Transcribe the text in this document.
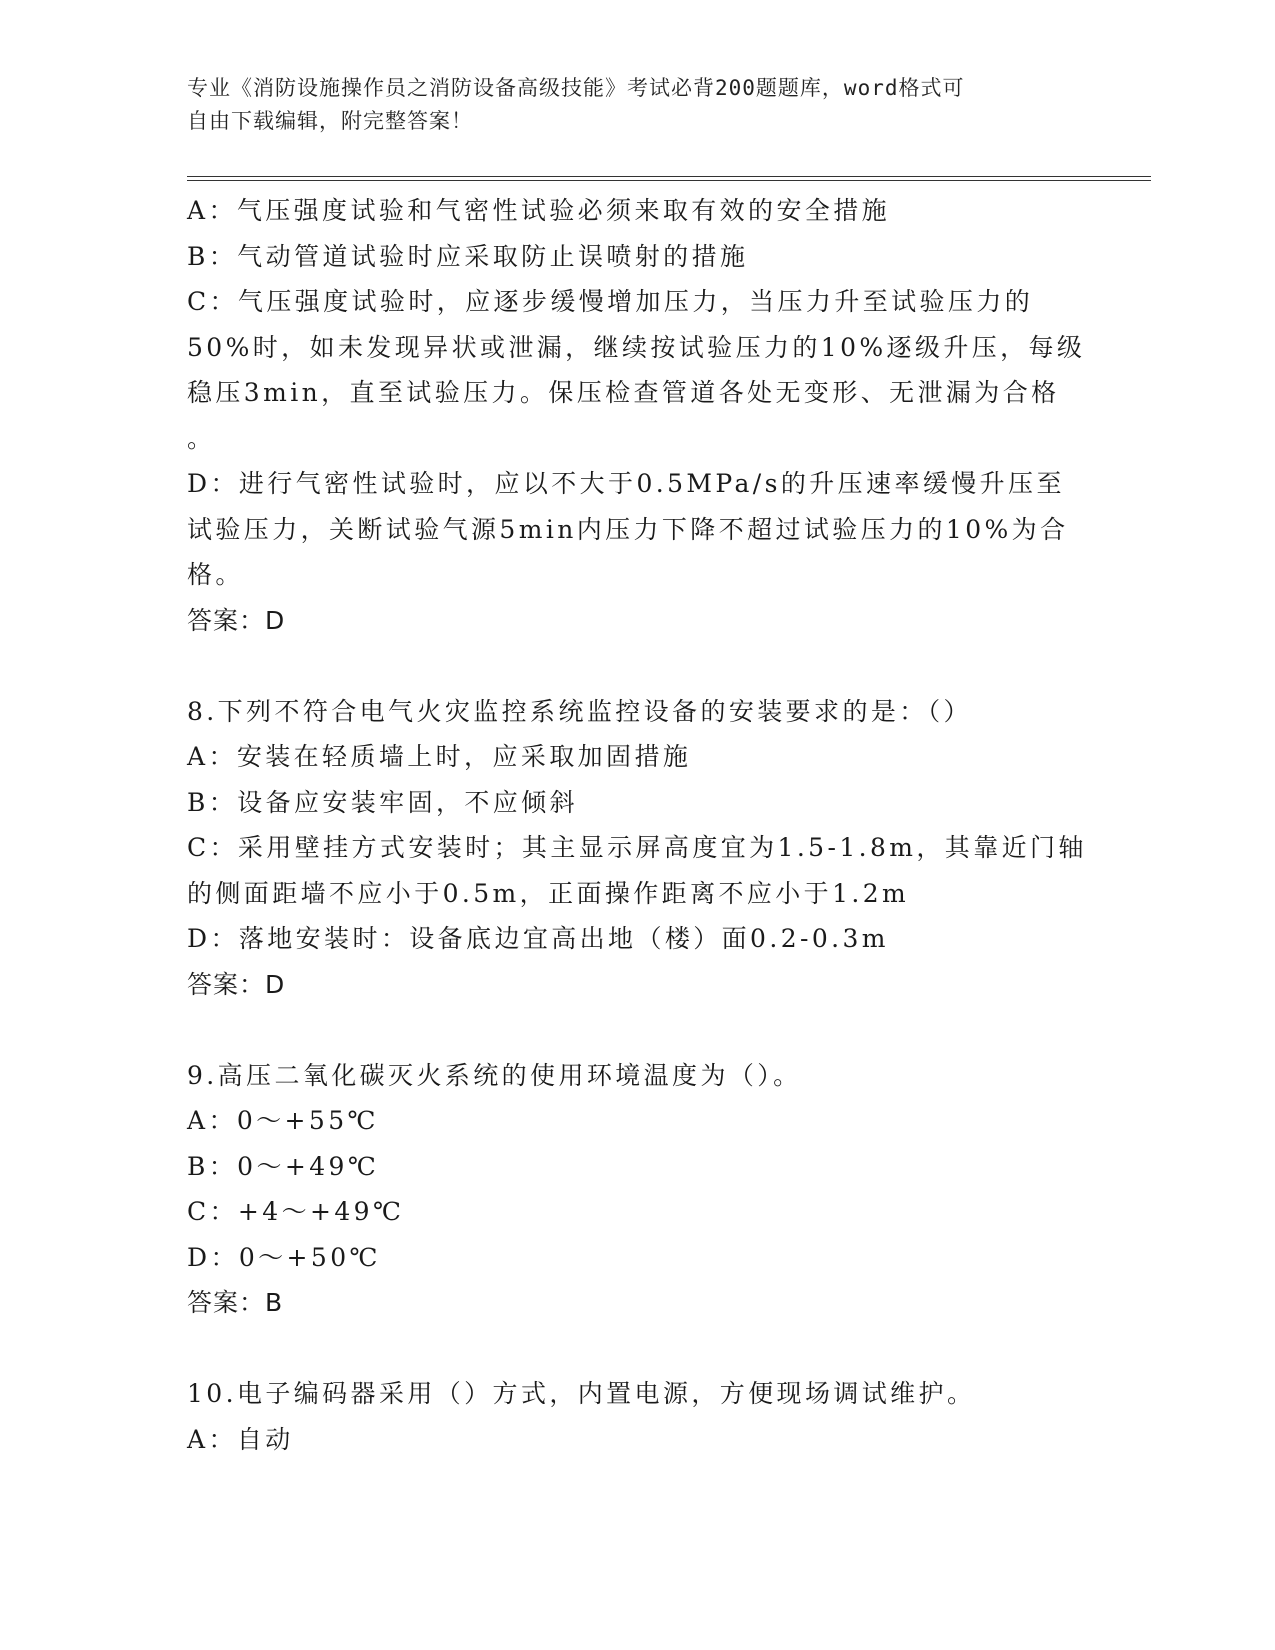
专业《消防设施操作员之消防设备高级技能》考试必背200题题库，word格式可
自由下载编辑，附完整答案！
A：气压强度试验和气密性试验必须来取有效的安全措施
B：气动管道试验时应采取防止误喷射的措施
C：气压强度试验时，应逐步缓慢增加压力，当压力升至试验压力的
50%时，如未发现异状或泄漏，继续按试验压力的10%逐级升压，每级
稳压3min，直至试验压力。保压检查管道各处无变形、无泄漏为合格
。
D：进行气密性试验时，应以不大于0.5MPa/s的升压速率缓慢升压至
试验压力，关断试验气源5min内压力下降不超过试验压力的10%为合
格。
答案：D
8.下列不符合电气火灾监控系统监控设备的安装要求的是：（）
A：安装在轻质墙上时，应采取加固措施
B：设备应安装牢固，不应倾斜
C：采用壁挂方式安装时；其主显示屏高度宜为1.5-1.8m，其靠近门轴
的侧面距墙不应小于0.5m，正面操作距离不应小于1.2m
D：落地安装时：设备底边宜高出地（楼）面0.2-0.3m
答案：D
9.高压二氧化碳灭火系统的使用环境温度为（）。
A：0～+55℃
B：0～+49℃
C：+4～+49℃
D：0～+50℃
答案：B
10.电子编码器采用（）方式，内置电源，方便现场调试维护。
A：自动
